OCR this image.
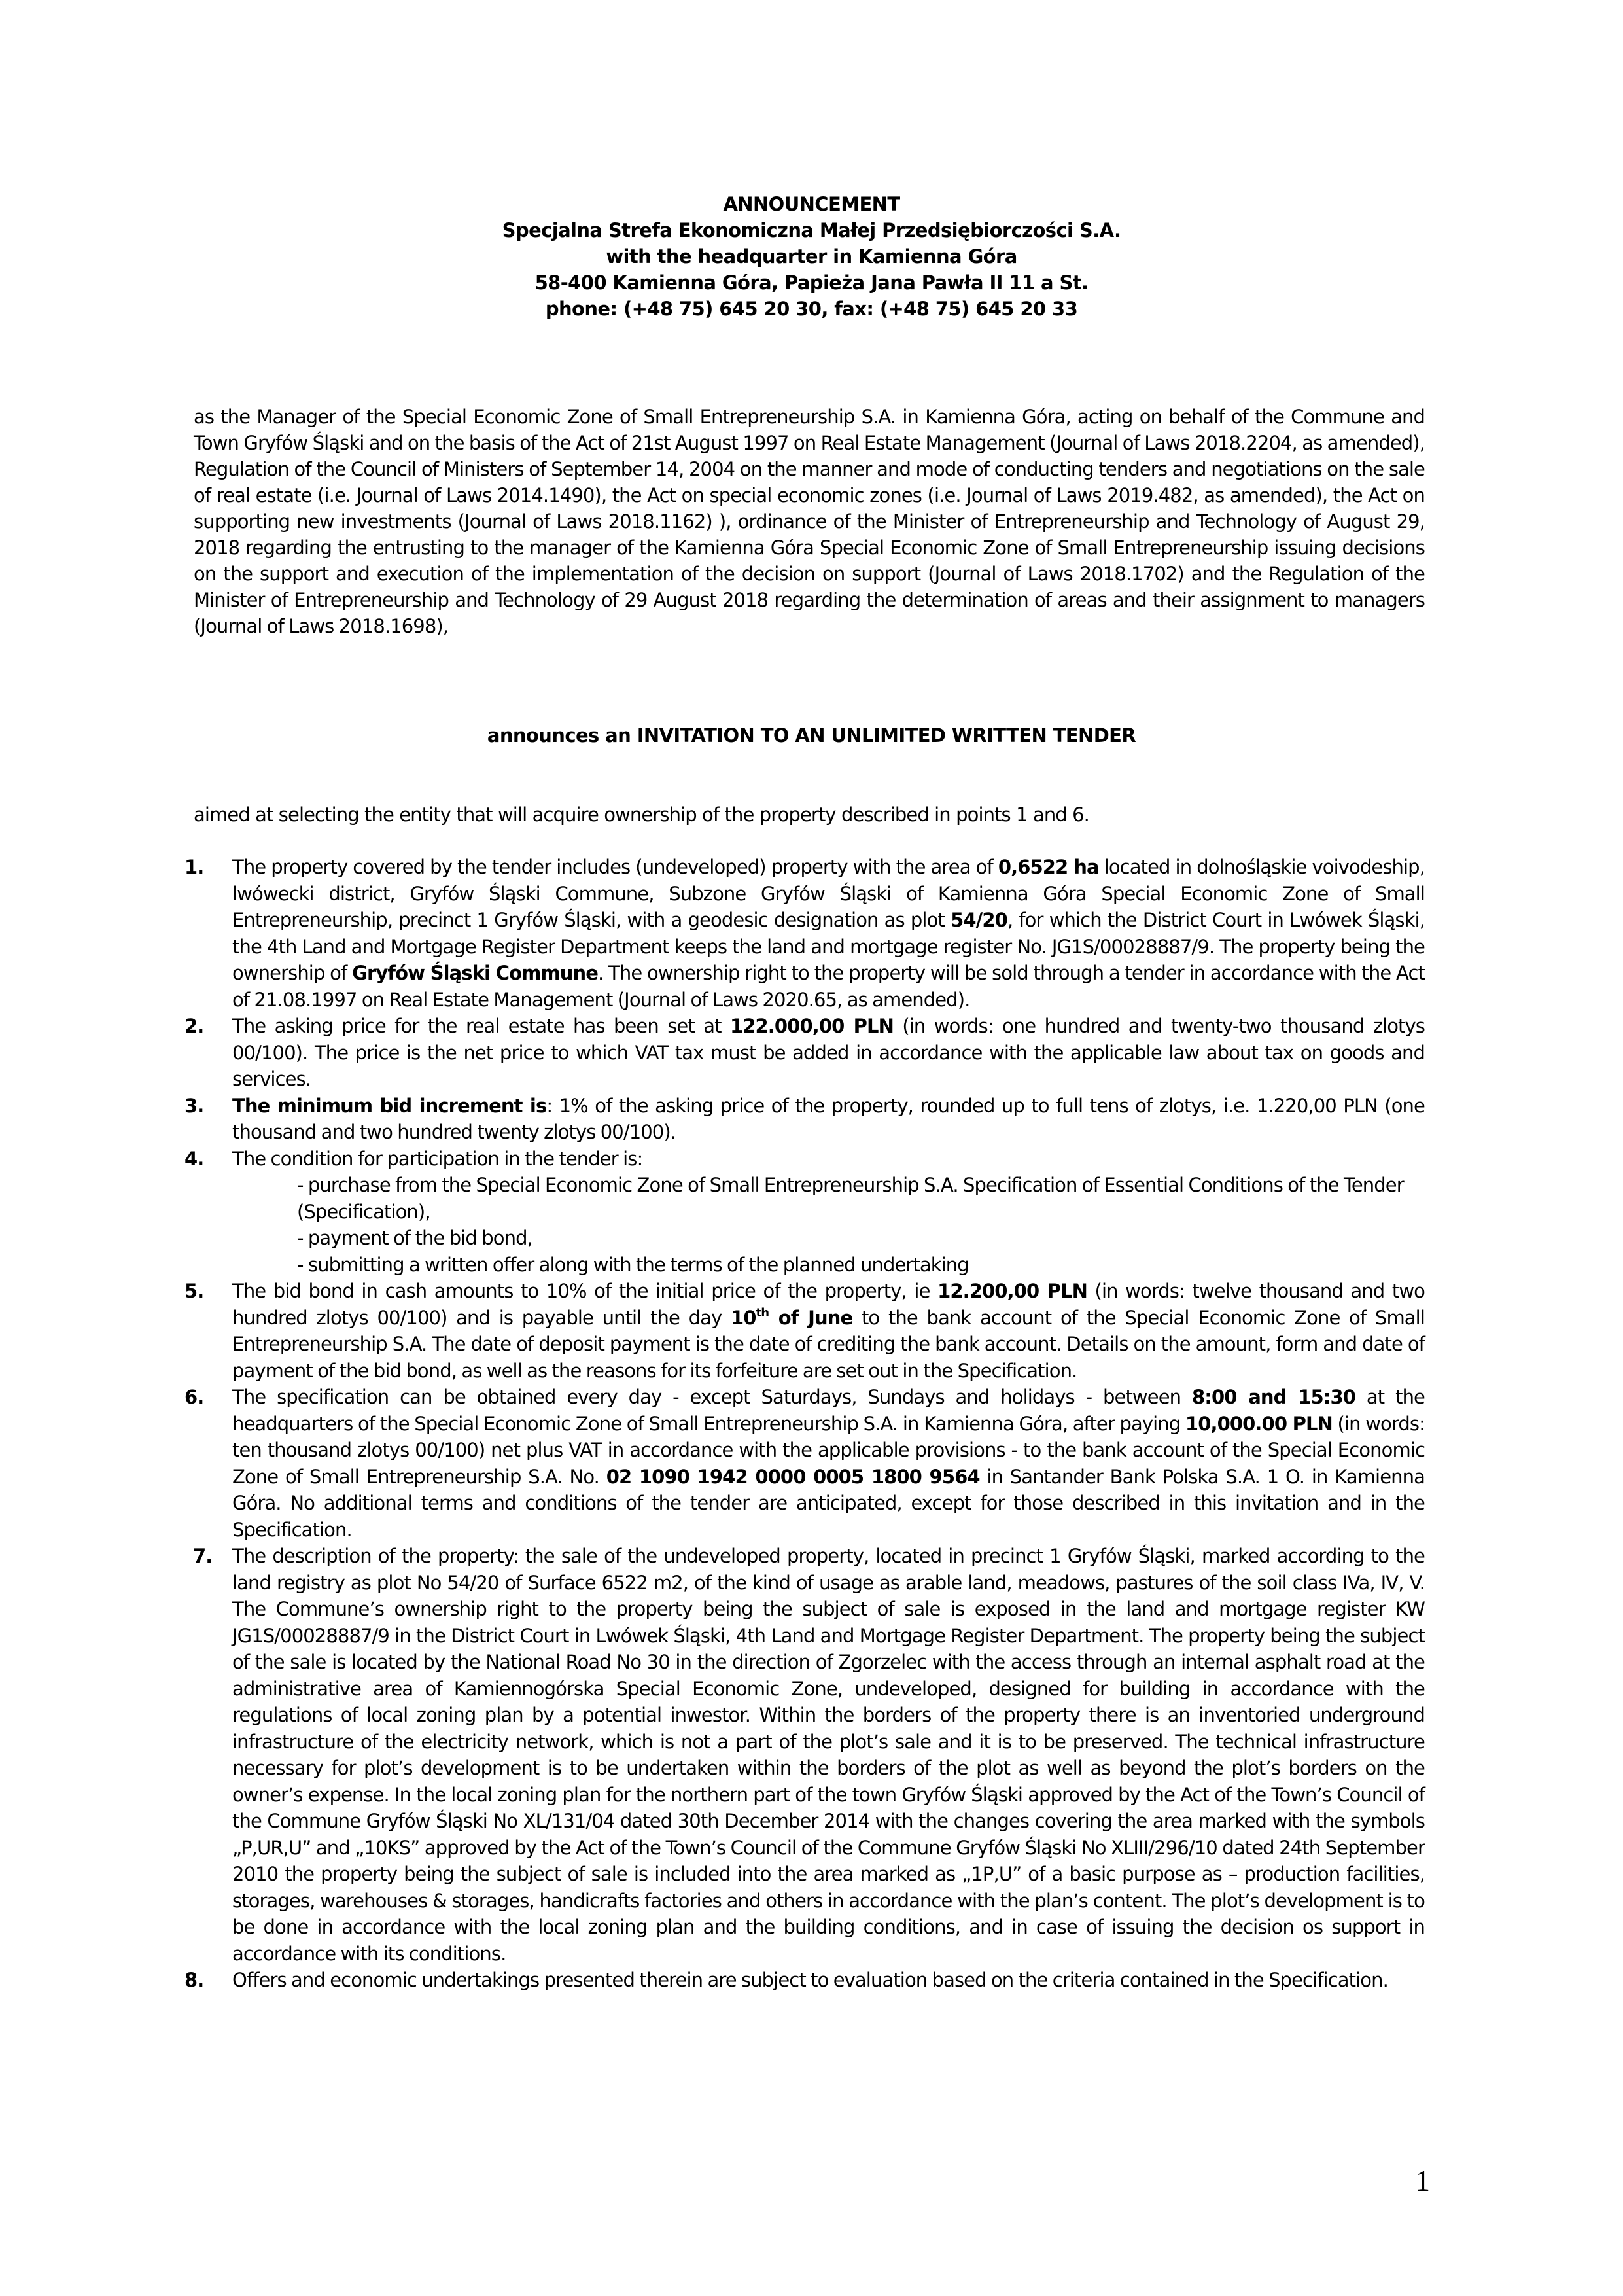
ANNOUNCEMENT
Specjalna Strefa Ekonomiczna Małej Przedsiębiorczości S.A.
with the headquarter in Kamienna Góra
58-400 Kamienna Góra, Papieża Jana Pawła II 11 a St.
phone: (+48 75) 645 20 30, fax: (+48 75) 645 20 33
as the Manager of the Special Economic Zone of Small Entrepreneurship S.A. in Kamienna Góra, acting on behalf of the Commune and Town Gryfów Śląski and on the basis of the Act of 21st August 1997 on Real Estate Management (Journal of Laws 2018.2204, as amended), Regulation of the Council of Ministers of September 14, 2004 on the manner and mode of conducting tenders and negotiations on the sale of real estate (i.e. Journal of Laws 2014.1490), the Act on special economic zones (i.e. Journal of Laws 2019.482, as amended), the Act on supporting new investments (Journal of Laws 2018.1162) ), ordinance of the Minister of Entrepreneurship and Technology of August 29, 2018 regarding the entrusting to the manager of the Kamienna Góra Special Economic Zone of Small Entrepreneurship issuing decisions on the support and execution of the implementation of the decision on support (Journal of Laws 2018.1702) and the Regulation of the Minister of Entrepreneurship and Technology of 29 August 2018 regarding the determination of areas and their assignment to managers (Journal of Laws 2018.1698),
announces an INVITATION TO AN UNLIMITED WRITTEN TENDER
aimed at selecting the entity that will acquire ownership of the property described in points 1 and 6.
1. The property covered by the tender includes (undeveloped) property with the area of 0,6522 ha located in dolnośląskie voivodeship, lwówecki district, Gryfów Śląski Commune, Subzone Gryfów Śląski of Kamienna Góra Special Economic Zone of Small Entrepreneurship, precinct 1 Gryfów Śląski, with a geodesic designation as plot 54/20, for which the District Court in Lwówek Śląski, the 4th Land and Mortgage Register Department keeps the land and mortgage register No. JG1S/00028887/9. The property being the ownership of Gryfów Śląski Commune. The ownership right to the property will be sold through a tender in accordance with the Act of 21.08.1997 on Real Estate Management (Journal of Laws 2020.65, as amended).
2. The asking price for the real estate has been set at 122.000,00 PLN (in words: one hundred and twenty-two thousand zlotys 00/100). The price is the net price to which VAT tax must be added in accordance with the applicable law about tax on goods and services.
3. The minimum bid increment is: 1% of the asking price of the property, rounded up to full tens of zlotys, i.e. 1.220,00 PLN (one thousand and two hundred twenty zlotys 00/100).
4. The condition for participation in the tender is:
- purchase from the Special Economic Zone of Small Entrepreneurship S.A. Specification of Essential Conditions of the Tender (Specification),
- payment of the bid bond,
- submitting a written offer along with the terms of the planned undertaking
5. The bid bond in cash amounts to 10% of the initial price of the property, ie 12.200,00 PLN (in words: twelve thousand and two hundred zlotys 00/100) and is payable until the day 10th of June to the bank account of the Special Economic Zone of Small Entrepreneurship S.A. The date of deposit payment is the date of crediting the bank account. Details on the amount, form and date of payment of the bid bond, as well as the reasons for its forfeiture are set out in the Specification.
6. The specification can be obtained every day - except Saturdays, Sundays and holidays - between 8:00 and 15:30 at the headquarters of the Special Economic Zone of Small Entrepreneurship S.A. in Kamienna Góra, after paying 10,000.00 PLN (in words: ten thousand zlotys 00/100) net plus VAT in accordance with the applicable provisions - to the bank account of the Special Economic Zone of Small Entrepreneurship S.A. No. 02 1090 1942 0000 0005 1800 9564 in Santander Bank Polska S.A. 1 O. in Kamienna Góra. No additional terms and conditions of the tender are anticipated, except for those described in this invitation and in the Specification.
7. The description of the property: the sale of the undeveloped property, located in precinct 1 Gryfów Śląski, marked according to the land registry as plot No 54/20 of Surface 6522 m2, of the kind of usage as arable land, meadows, pastures of the soil class IVa, IV, V. The Commune’s ownership right to the property being the subject of sale is exposed in the land and mortgage register KW JG1S/00028887/9 in the District Court in Lwówek Śląski, 4th Land and Mortgage Register Department. The property being the subject of the sale is located by the National Road No 30 in the direction of Zgorzelec with the access through an internal asphalt road at the administrative area of Kamiennogórska Special Economic Zone, undeveloped, designed for building in accordance with the regulations of local zoning plan by a potential inwestor. Within the borders of the property there is an inventoried underground infrastructure of the electricity network, which is not a part of the plot’s sale and it is to be preserved. The technical infrastructure necessary for plot’s development is to be undertaken within the borders of the plot as well as beyond the plot’s borders on the owner’s expense. In the local zoning plan for the northern part of the town Gryfów Śląski approved by the Act of the Town’s Council of the Commune Gryfów Śląski No XL/131/04 dated 30th December 2014 with the changes covering the area marked with the symbols „P,UR,U” and „10KS” approved by the Act of the Town’s Council of the Commune Gryfów Śląski No XLIII/296/10 dated 24th September 2010 the property being the subject of sale is included into the area marked as „1P,U” of a basic purpose as – production facilities, storages, warehouses & storages, handicrafts factories and others in accordance with the plan’s content. The plot’s development is to be done in accordance with the local zoning plan and the building conditions, and in case of issuing the decision os support in accordance with its conditions.
8. Offers and economic undertakings presented therein are subject to evaluation based on the criteria contained in the Specification.
1
